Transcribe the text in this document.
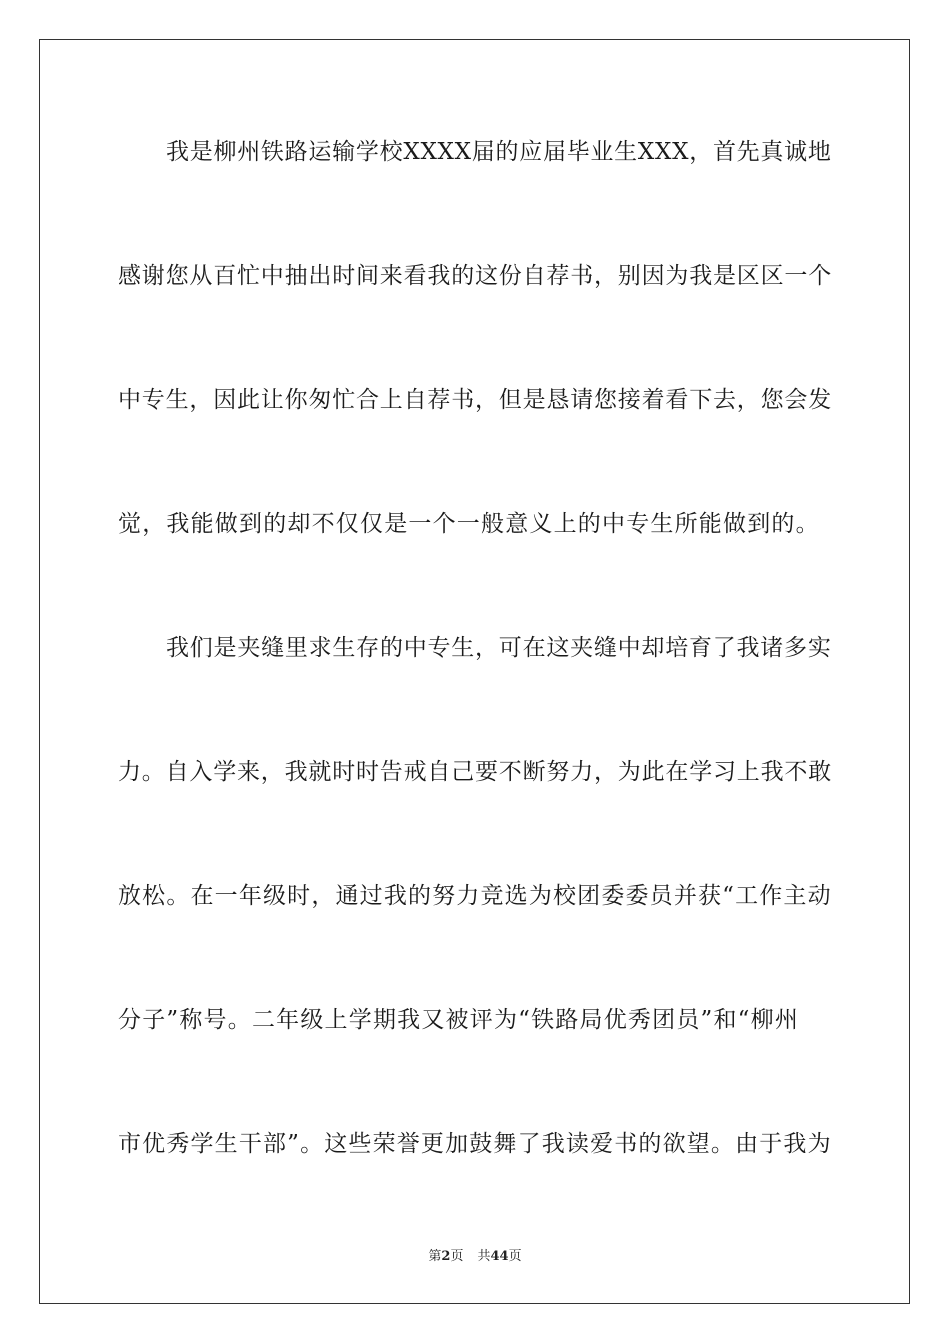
我是柳州铁路运输学校XXXX届的应届毕业生XXX，首先真诚地
感谢您从百忙中抽出时间来看我的这份自荐书，别因为我是区区一个
中专生，因此让你匆忙合上自荐书，但是恳请您接着看下去，您会发
觉，我能做到的却不仅仅是一个一般意义上的中专生所能做到的。
我们是夹缝里求生存的中专生，可在这夹缝中却培育了我诸多实
力。自入学来，我就时时告戒自己要不断努力，为此在学习上我不敢
放松。在一年级时，通过我的努力竞选为校团委委员并获“工作主动
分子”称号。二年级上学期我又被评为“铁路局优秀团员”和“柳州
市优秀学生干部”。这些荣誉更加鼓舞了我读爱书的欲望。由于我为
第2页 共44页
